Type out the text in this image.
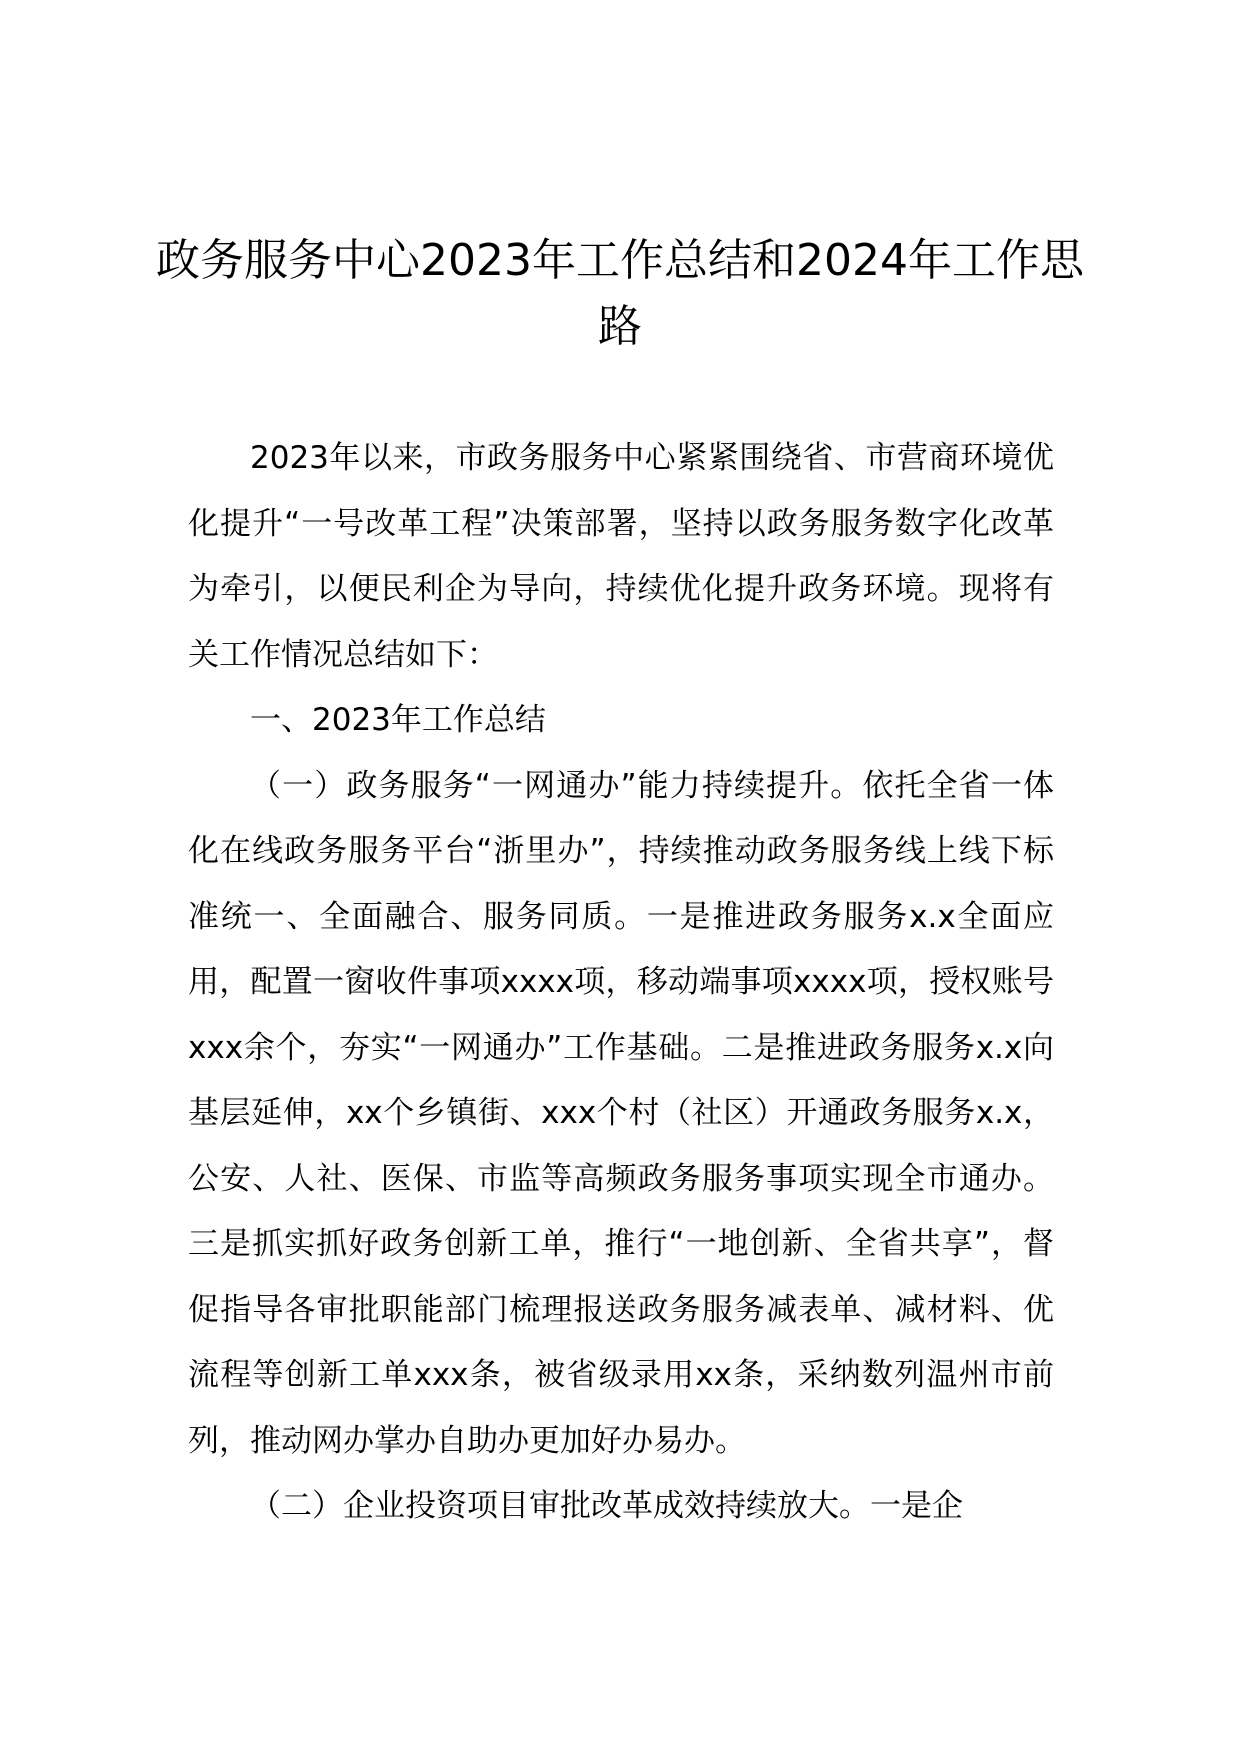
政务服务中心2023年工作总结和2024年工作思路

2023年以来，市政务服务中心紧紧围绕省、市营商环境优化提升“一号改革工程”决策部署，坚持以政务服务数字化改革为牵引，以便民利企为导向，持续优化提升政务环境。现将有关工作情况总结如下：

一、2023年工作总结

（一）政务服务“一网通办”能力持续提升。依托全省一体化在线政务服务平台“浙里办”，持续推动政务服务线上线下标准统一、全面融合、服务同质。一是推进政务服务x.x全面应用，配置一窗收件事项xxxx项，移动端事项xxxx项，授权账号xxx余个，夯实“一网通办”工作基础。二是推进政务服务x.x向基层延伸，xx个乡镇街、xxx个村（社区）开通政务服务x.x，公安、人社、医保、市监等高频政务服务事项实现全市通办。三是抓实抓好政务创新工单，推行“一地创新、全省共享”，督促指导各审批职能部门梳理报送政务服务减表单、减材料、优流程等创新工单xxx条，被省级录用xx条，采纳数列温州市前列，推动网办掌办自助办更加好办易办。

（二）企业投资项目审批改革成效持续放大。一是企
